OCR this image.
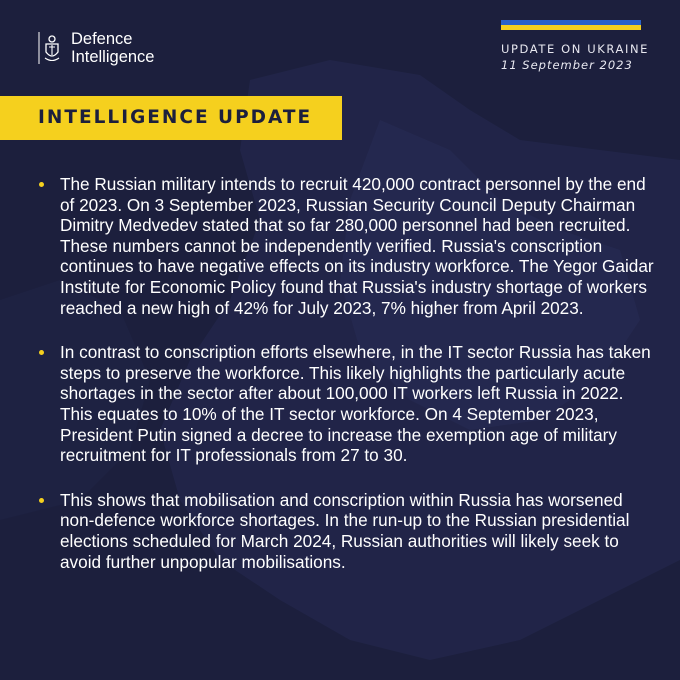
Defence
Intelligence	UPDATE ON UKRAINE
11 September 2023
INTELLIGENCE UPDATE
The Russian military intends to recruit 420,000 contract personnel by the end of 2023. On 3 September 2023, Russian Security Council Deputy Chairman Dimitry Medvedev stated that so far 280,000 personnel had been recruited. These numbers cannot be independently verified. Russia's conscription continues to have negative effects on its industry workforce. The Yegor Gaidar Institute for Economic Policy found that Russia's industry shortage of workers reached a new high of 42% for July 2023, 7% higher from April 2023.
In contrast to conscription efforts elsewhere, in the IT sector Russia has taken steps to preserve the workforce. This likely highlights the particularly acute shortages in the sector after about 100,000 IT workers left Russia in 2022. This equates to 10% of the IT sector workforce. On 4 September 2023, President Putin signed a decree to increase the exemption age of military recruitment for IT professionals from 27 to 30.
This shows that mobilisation and conscription within Russia has worsened non-defence workforce shortages. In the run-up to the Russian presidential elections scheduled for March 2024, Russian authorities will likely seek to avoid further unpopular mobilisations.
